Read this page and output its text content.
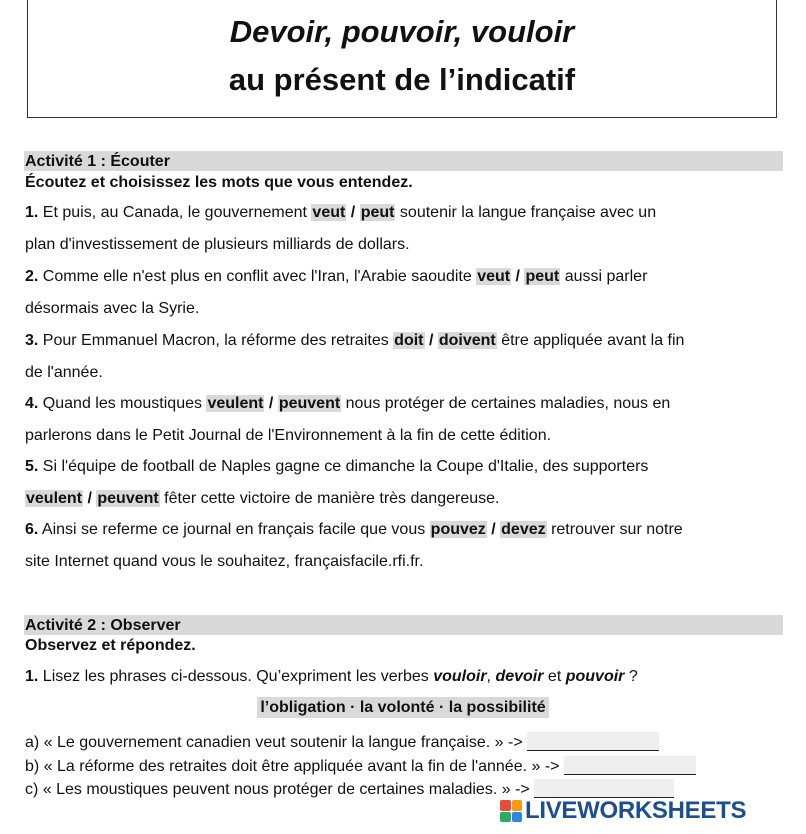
Devoir, pouvoir, vouloir
au présent de l’indicatif
Activité 1 : Écouter
Écoutez et choisissez les mots que vous entendez.
1. Et puis, au Canada, le gouvernement veut / peut soutenir la langue française avec un
plan d'investissement de plusieurs milliards de dollars.
2. Comme elle n'est plus en conflit avec l'Iran, l'Arabie saoudite veut / peut aussi parler
désormais avec la Syrie.
3. Pour Emmanuel Macron, la réforme des retraites doit / doivent être appliquée avant la fin
de l'année.
4. Quand les moustiques veulent / peuvent nous protéger de certaines maladies, nous en
parlerons dans le Petit Journal de l'Environnement à la fin de cette édition.
5. Si l'équipe de football de Naples gagne ce dimanche la Coupe d'Italie, des supporters
veulent / peuvent fêter cette victoire de manière très dangereuse.
6. Ainsi se referme ce journal en français facile que vous pouvez / devez retrouver sur notre
site Internet quand vous le souhaitez, françaisfacile.rfi.fr.
Activité 2 : Observer
Observez et répondez.
1. Lisez les phrases ci-dessous. Qu’expriment les verbes vouloir, devoir et pouvoir ?
l’obligation · la volonté · la possibilité
a) « Le gouvernement canadien veut soutenir la langue française. » ->
b) « La réforme des retraites doit être appliquée avant la fin de l'année. » ->
c) « Les moustiques peuvent nous protéger de certaines maladies. » ->
LIVEWORKSHEETS
